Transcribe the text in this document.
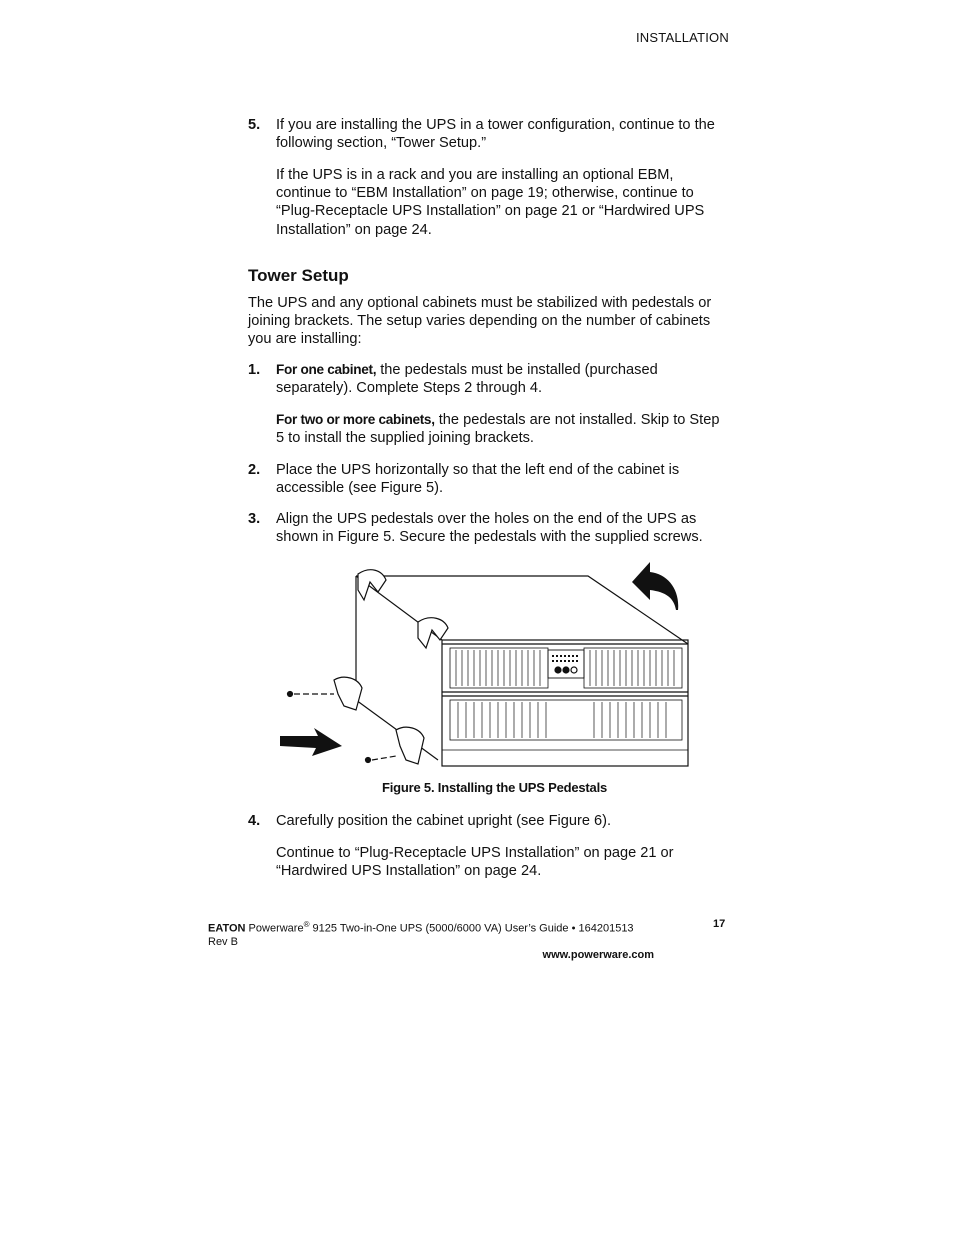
INSTALLATION
5. If you are installing the UPS in a tower configuration, continue to the following section, “Tower Setup.”
If the UPS is in a rack and you are installing an optional EBM, continue to “EBM Installation” on page 19; otherwise, continue to “Plug-Receptacle UPS Installation” on page 21 or “Hardwired UPS Installation” on page 24.
Tower Setup
The UPS and any optional cabinets must be stabilized with pedestals or joining brackets. The setup varies depending on the number of cabinets you are installing:
1. For one cabinet, the pedestals must be installed (purchased separately). Complete Steps 2 through 4.
For two or more cabinets, the pedestals are not installed. Skip to Step 5 to install the supplied joining brackets.
2. Place the UPS horizontally so that the left end of the cabinet is accessible (see Figure 5).
3. Align the UPS pedestals over the holes on the end of the UPS as shown in Figure 5. Secure the pedestals with the supplied screws.
Figure 5. Installing the UPS Pedestals
4. Carefully position the cabinet upright (see Figure 6).
Continue to “Plug-Receptacle UPS Installation” on page 21 or “Hardwired UPS Installation” on page 24.
EATON Powerware® 9125 Two-in-One UPS (5000/6000 VA) User’s Guide • 164201513 Rev B
www.powerware.com
17
